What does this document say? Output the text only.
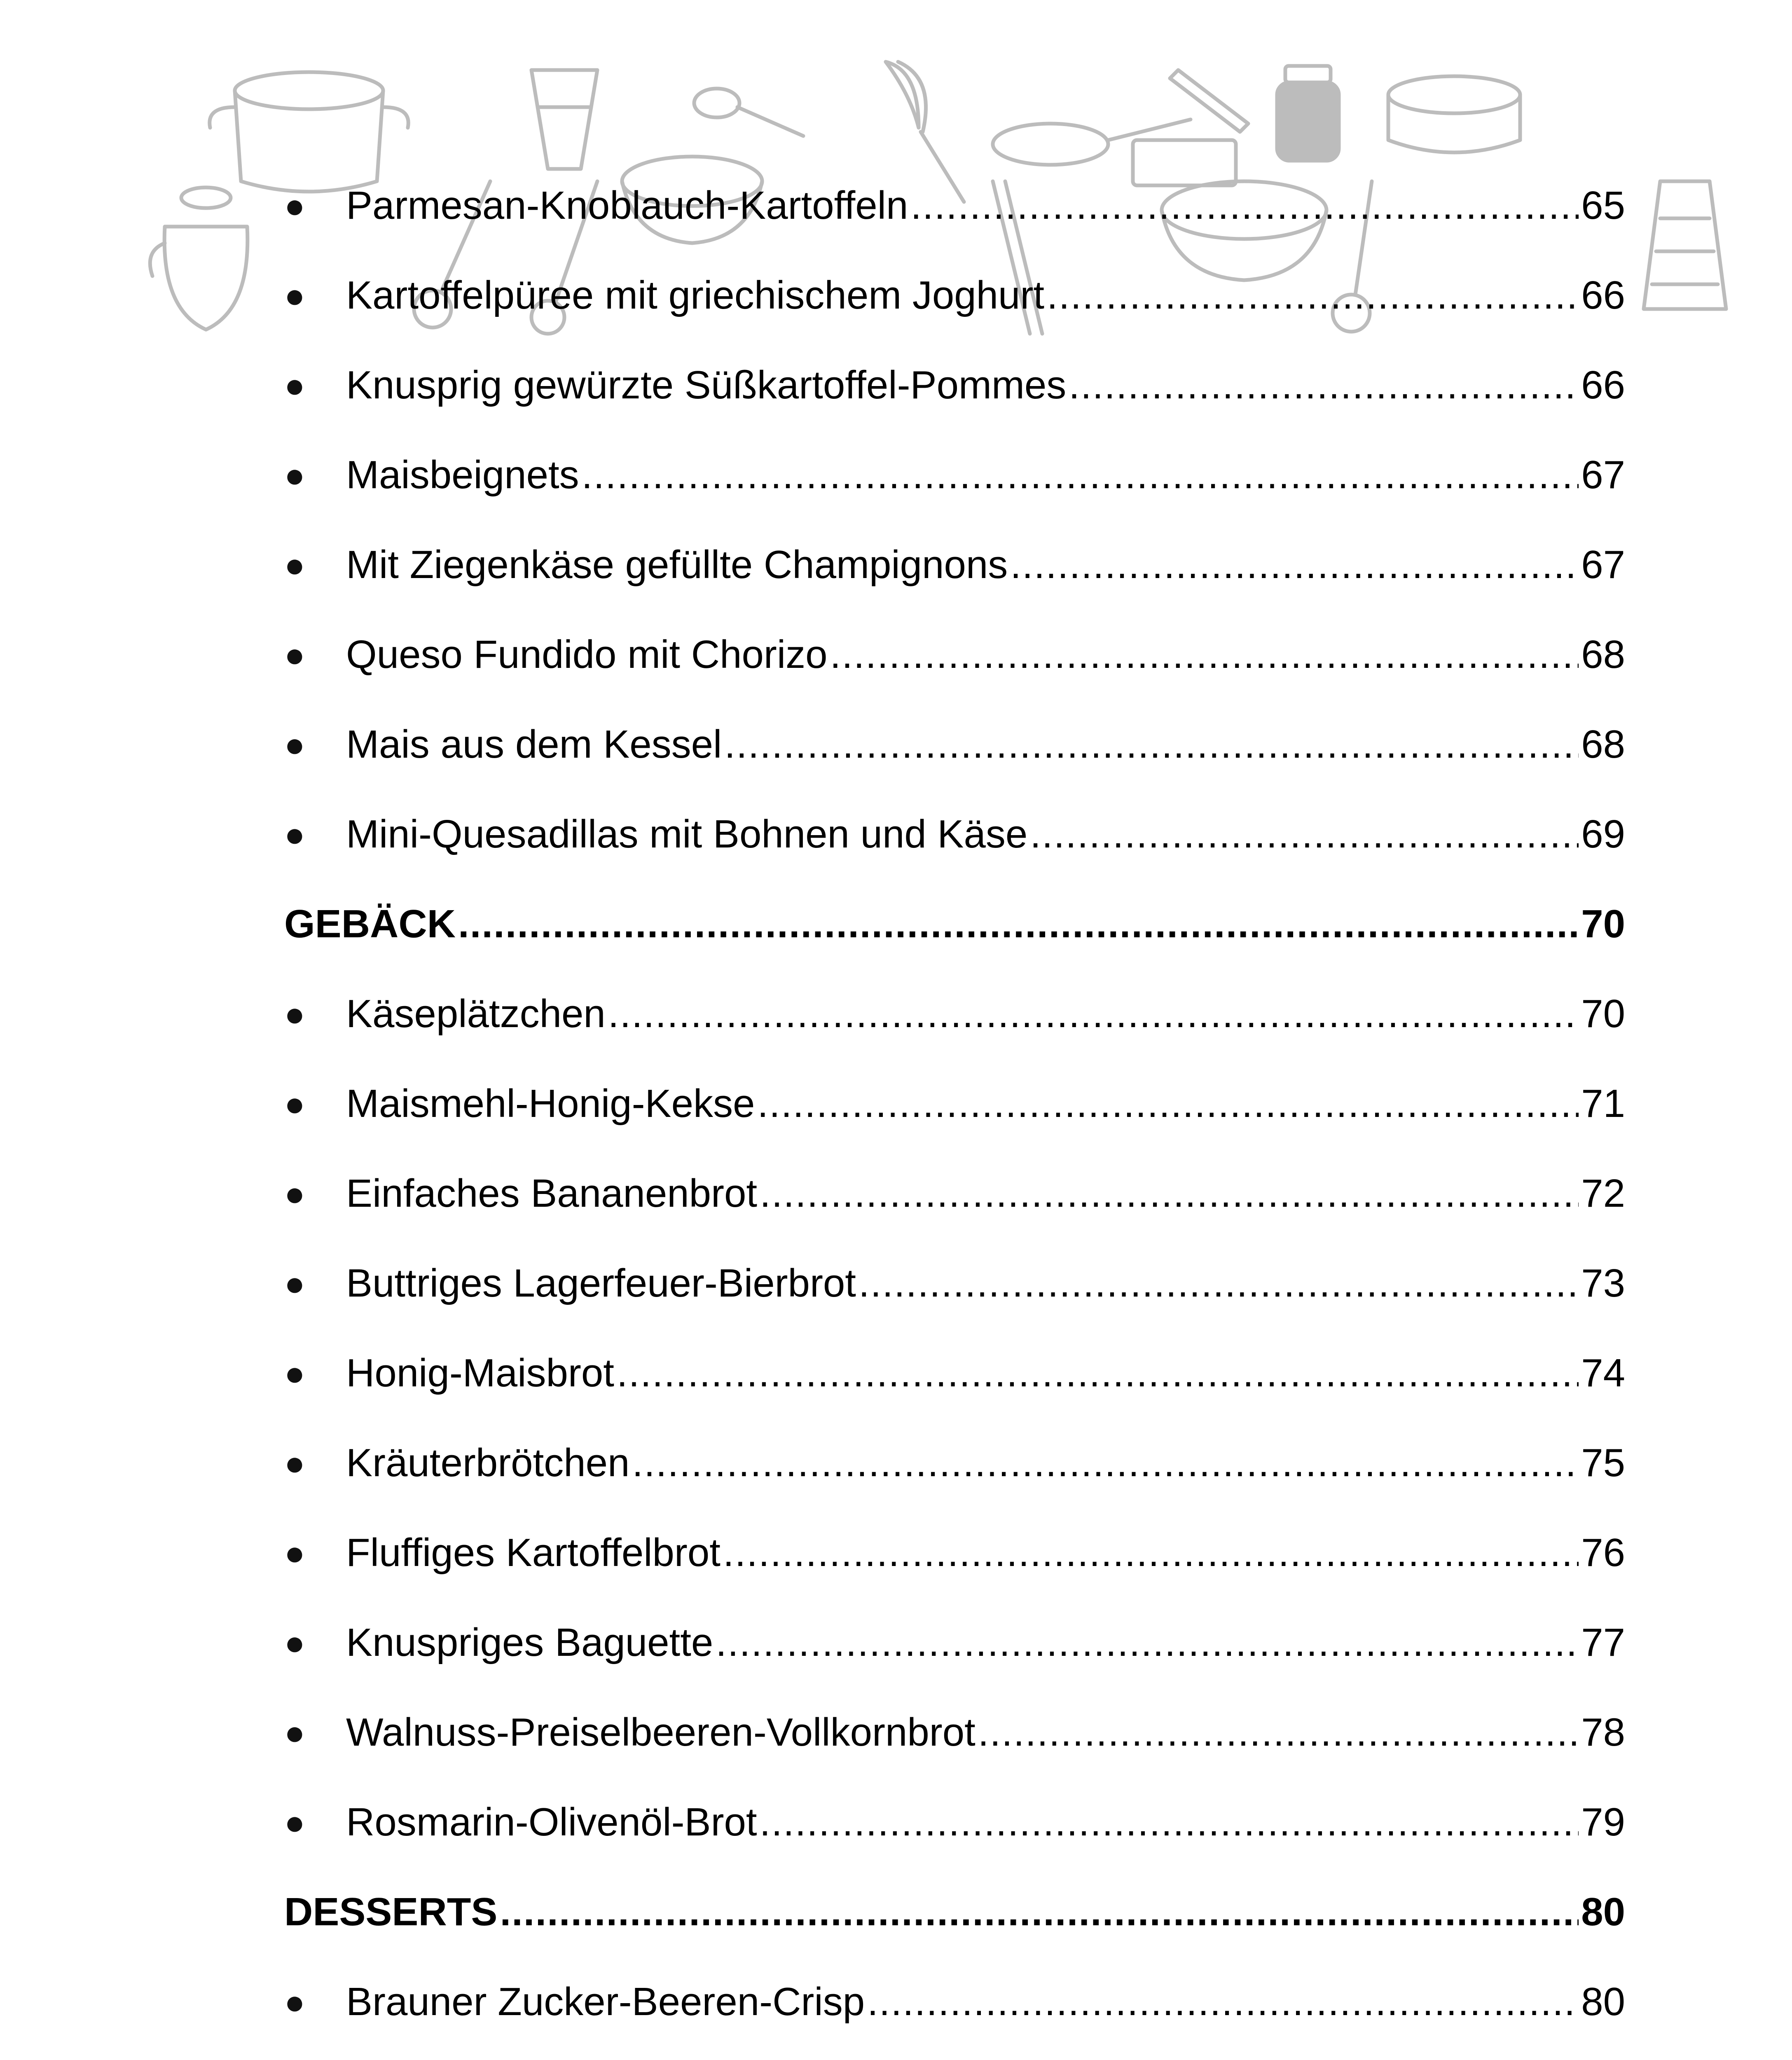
●	Parmesan-Knoblauch-Kartoffeln .....	65
●	Kartoffelpüree mit griechischem Joghurt .....	66
●	Knusprig gewürzte Süßkartoffel-Pommes .....	66
●	Maisbeignets .....	67
●	Mit Ziegenkäse gefüllte Champignons .....	67
●	Queso Fundido mit Chorizo .....	68
●	Mais aus dem Kessel .....	68
●	Mini-Quesadillas mit Bohnen und Käse .....	69
GEBÄCK .....	70
●	Käseplätzchen .....	70
●	Maismehl-Honig-Kekse .....	71
●	Einfaches Bananenbrot .....	72
●	Buttriges Lagerfeuer-Bierbrot .....	73
●	Honig-Maisbrot .....	74
●	Kräuterbrötchen .....	75
●	Fluffiges Kartoffelbrot .....	76
●	Knuspriges Baguette .....	77
●	Walnuss-Preiselbeeren-Vollkornbrot .....	78
●	Rosmarin-Olivenöl-Brot .....	79
DESSERTS .....	80
●	Brauner Zucker-Beeren-Crisp .....	80
